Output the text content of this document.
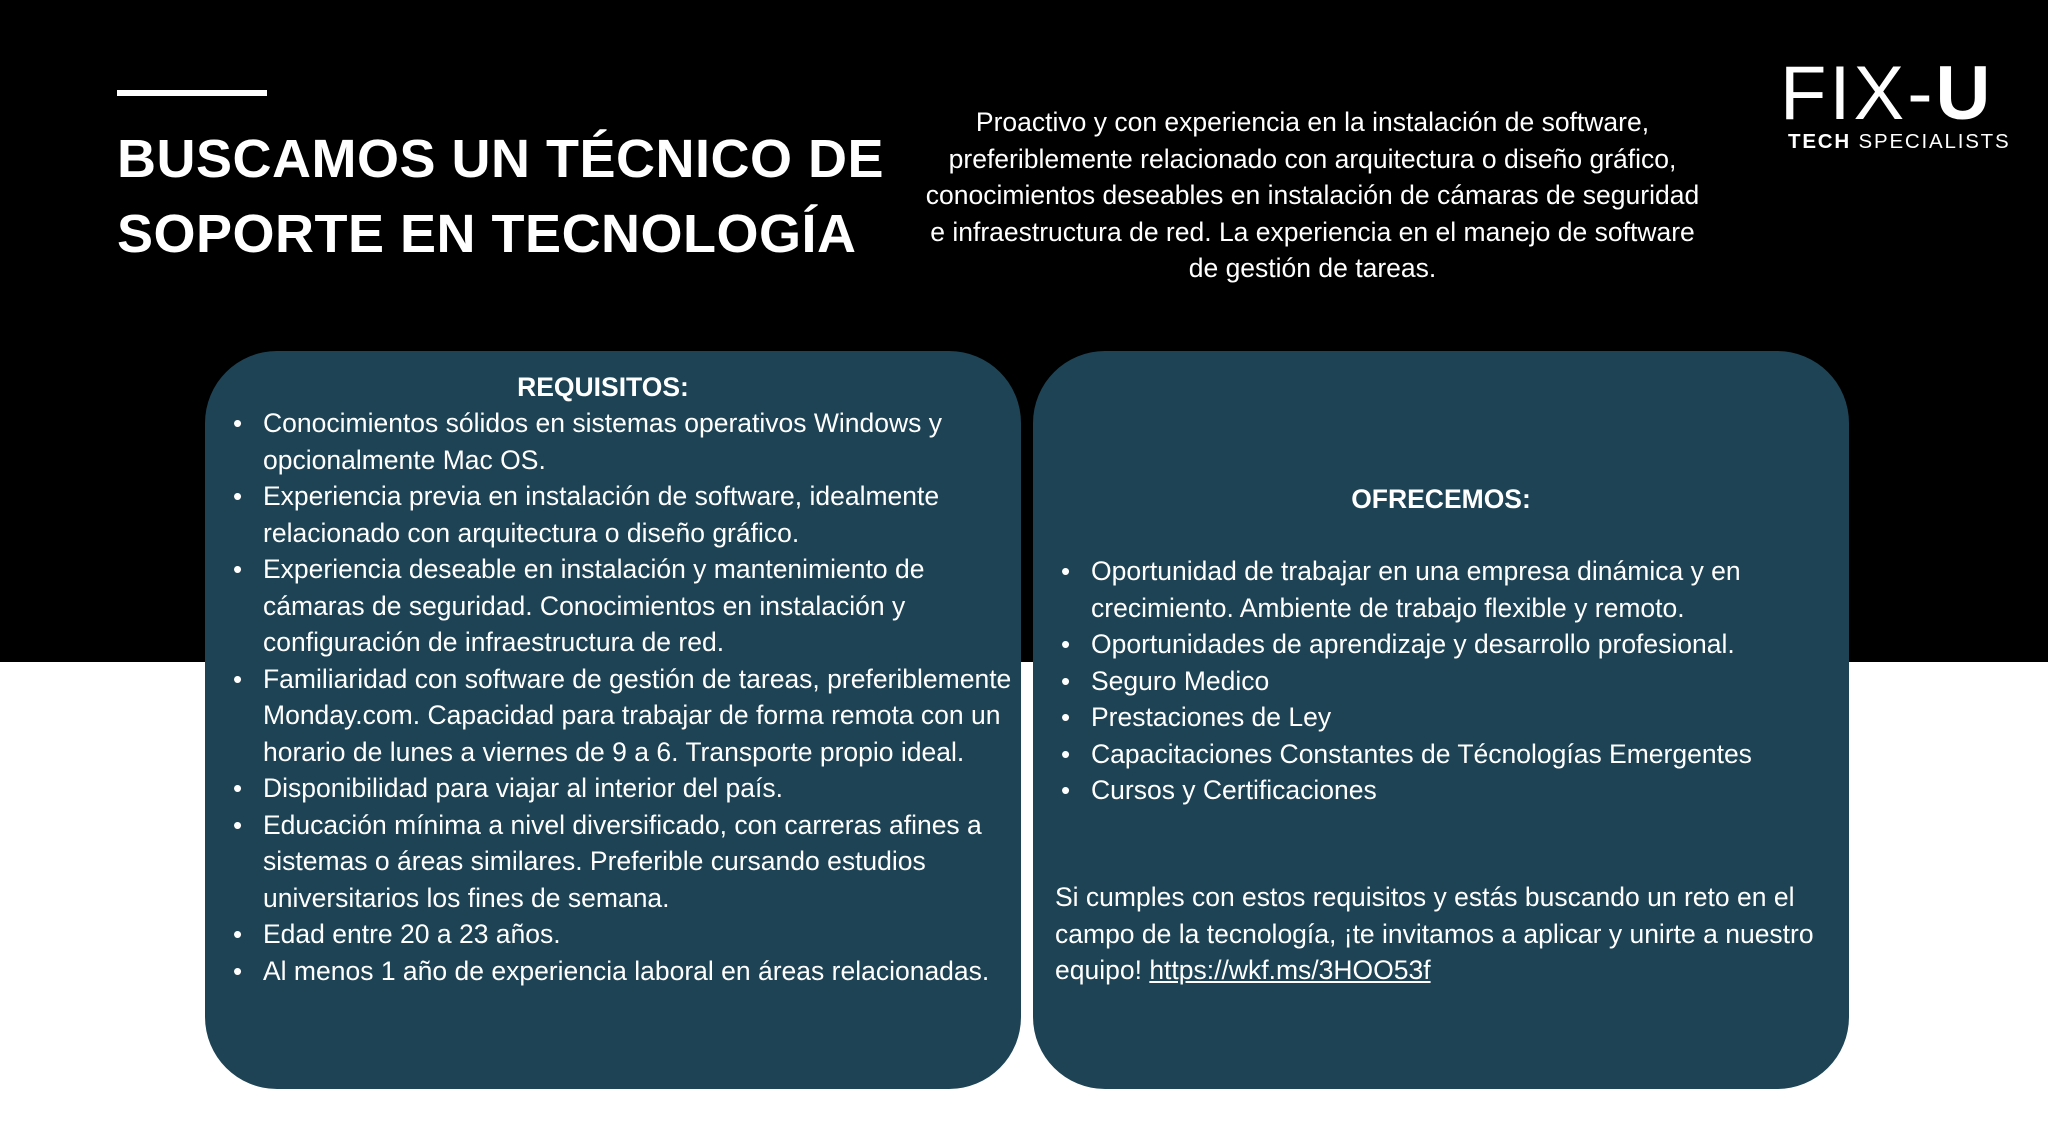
BUSCAMOS UN TÉCNICO DE
SOPORTE EN TECNOLOGÍA

Proactivo y con experiencia en la instalación de software, preferiblemente relacionado con arquitectura o diseño gráfico, conocimientos deseables en instalación de cámaras de seguridad e infraestructura de red. La experiencia en el manejo de software de gestión de tareas.

FIX-U
TECH SPECIALISTS
REQUISITOS:
• Conocimientos sólidos en sistemas operativos Windows y opcionalmente Mac OS.
• Experiencia previa en instalación de software, idealmente relacionado con arquitectura o diseño gráfico.
• Experiencia deseable en instalación y mantenimiento de cámaras de seguridad. Conocimientos en instalación y configuración de infraestructura de red.
• Familiaridad con software de gestión de tareas, preferiblemente Monday.com. Capacidad para trabajar de forma remota con un horario de lunes a viernes de 9 a 6. Transporte propio ideal.
• Disponibilidad para viajar al interior del país.
• Educación mínima a nivel diversificado, con carreras afines a sistemas o áreas similares. Preferible cursando estudios universitarios los fines de semana.
• Edad entre 20 a 23 años.
• Al menos 1 año de experiencia laboral en áreas relacionadas.
OFRECEMOS:
• Oportunidad de trabajar en una empresa dinámica y en crecimiento. Ambiente de trabajo flexible y remoto.
• Oportunidades de aprendizaje y desarrollo profesional.
• Seguro Medico
• Prestaciones de Ley
• Capacitaciones Constantes de Técnologías Emergentes
• Cursos y Certificaciones

Si cumples con estos requisitos y estás buscando un reto en el campo de la tecnología, ¡te invitamos a aplicar y unirte a nuestro equipo! https://wkf.ms/3HOO53f
